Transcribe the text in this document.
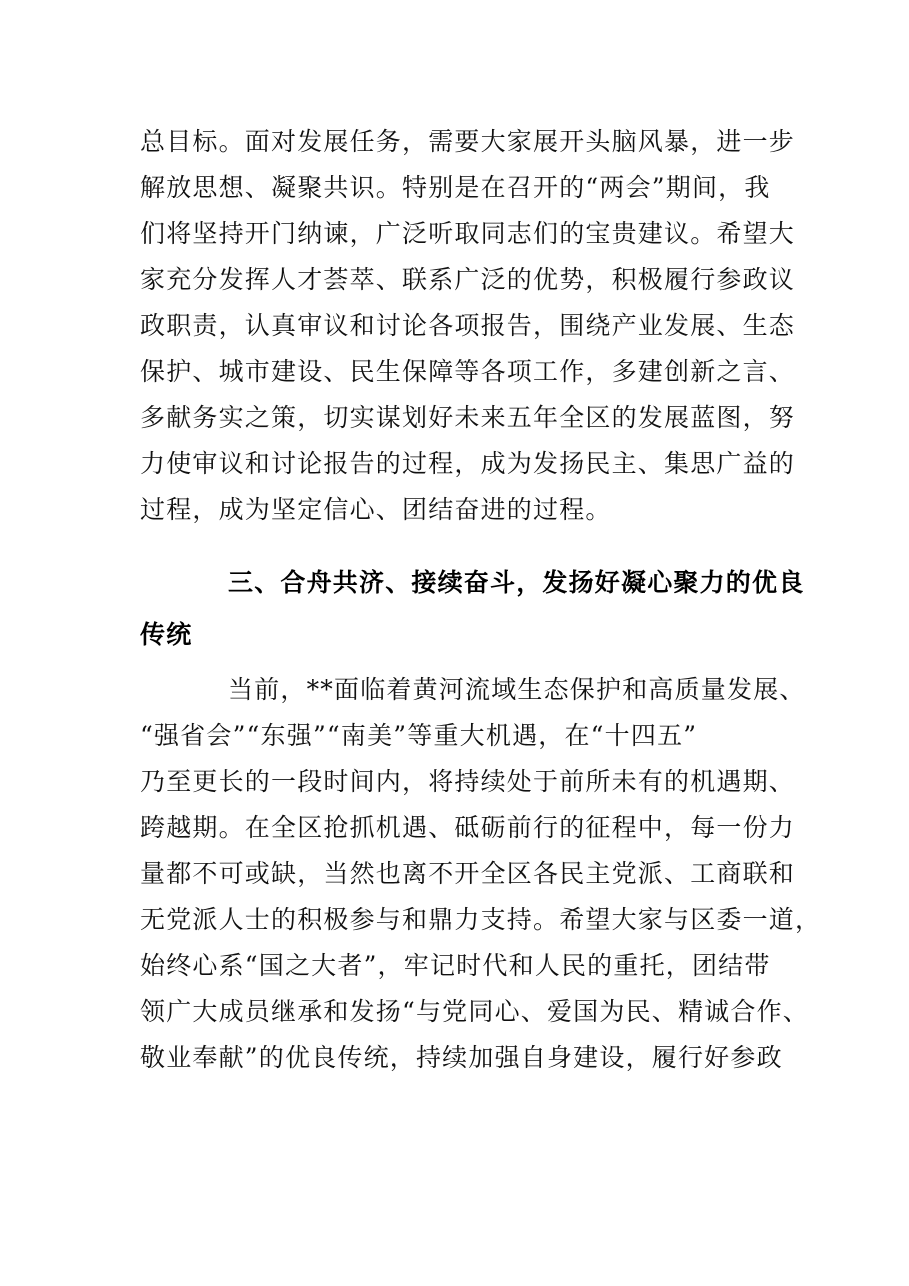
总目标。面对发展任务，需要大家展开头脑风暴，进一步
解放思想、凝聚共识。特别是在召开的“两会”期间，我
们将坚持开门纳谏，广泛听取同志们的宝贵建议。希望大
家充分发挥人才荟萃、联系广泛的优势，积极履行参政议
政职责，认真审议和讨论各项报告，围绕产业发展、生态
保护、城市建设、民生保障等各项工作，多建创新之言、
多献务实之策，切实谋划好未来五年全区的发展蓝图，努
力使审议和讨论报告的过程，成为发扬民主、集思广益的
过程，成为坚定信心、团结奋进的过程。
三、合舟共济、接续奋斗，发扬好凝心聚力的优良
传统
当前，**面临着黄河流域生态保护和高质量发展、
“强省会”“东强”“南美”等重大机遇，在“十四五”
乃至更长的一段时间内，将持续处于前所未有的机遇期、
跨越期。在全区抢抓机遇、砥砺前行的征程中，每一份力
量都不可或缺，当然也离不开全区各民主党派、工商联和
无党派人士的积极参与和鼎力支持。希望大家与区委一道，
始终心系“国之大者”，牢记时代和人民的重托，团结带
领广大成员继承和发扬“与党同心、爱国为民、精诚合作、
敬业奉献”的优良传统，持续加强自身建设，履行好参政
